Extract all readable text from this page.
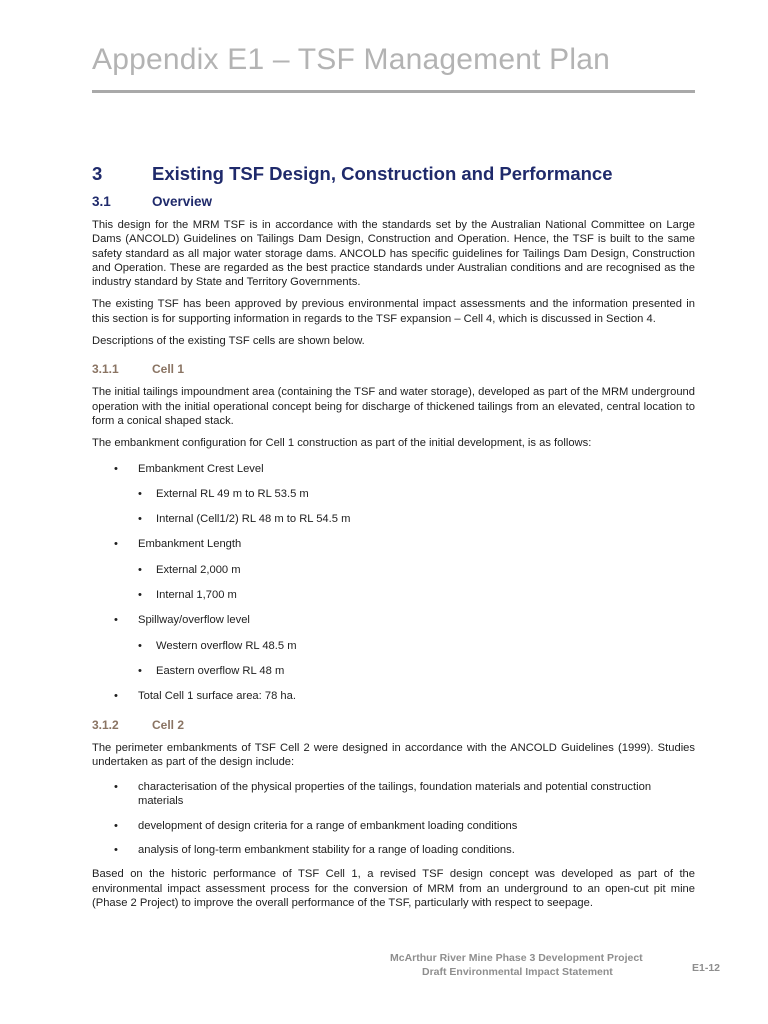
Appendix E1 – TSF Management Plan
3	Existing TSF Design, Construction and Performance
3.1	Overview

This design for the MRM TSF is in accordance with the standards set by the Australian National Committee on Large Dams (ANCOLD) Guidelines on Tailings Dam Design, Construction and Operation. Hence, the TSF is built to the same safety standard as all major water storage dams. ANCOLD has specific guidelines for Tailings Dam Design, Construction and Operation. These are regarded as the best practice standards under Australian conditions and are recognised as the industry standard by State and Territory Governments.

The existing TSF has been approved by previous environmental impact assessments and the information presented in this section is for supporting information in regards to the TSF expansion – Cell 4, which is discussed in Section 4.

Descriptions of the existing TSF cells are shown below.

3.1.1	Cell 1

The initial tailings impoundment area (containing the TSF and water storage), developed as part of the MRM underground operation with the initial operational concept being for discharge of thickened tailings from an elevated, central location to form a conical shaped stack.

The embankment configuration for Cell 1 construction as part of the initial development, is as follows:

• Embankment Crest Level
• External RL 49 m to RL 53.5 m
• Internal (Cell1/2) RL 48 m to RL 54.5 m
• Embankment Length
• External 2,000 m
• Internal 1,700 m
• Spillway/overflow level
• Western overflow RL 48.5 m
• Eastern overflow RL 48 m
• Total Cell 1 surface area: 78 ha.
3.1.2	Cell 2

The perimeter embankments of TSF Cell 2 were designed in accordance with the ANCOLD Guidelines (1999). Studies undertaken as part of the design include:

• characterisation of the physical properties of the tailings, foundation materials and potential construction materials
• development of design criteria for a range of embankment loading conditions
• analysis of long-term embankment stability for a range of loading conditions.

Based on the historic performance of TSF Cell 1, a revised TSF design concept was developed as part of the environmental impact assessment process for the conversion of MRM from an underground to an open-cut pit mine (Phase 2 Project) to improve the overall performance of the TSF, particularly with respect to seepage.

McArthur River Mine Phase 3 Development Project
Draft Environmental Impact Statement	E1-12
